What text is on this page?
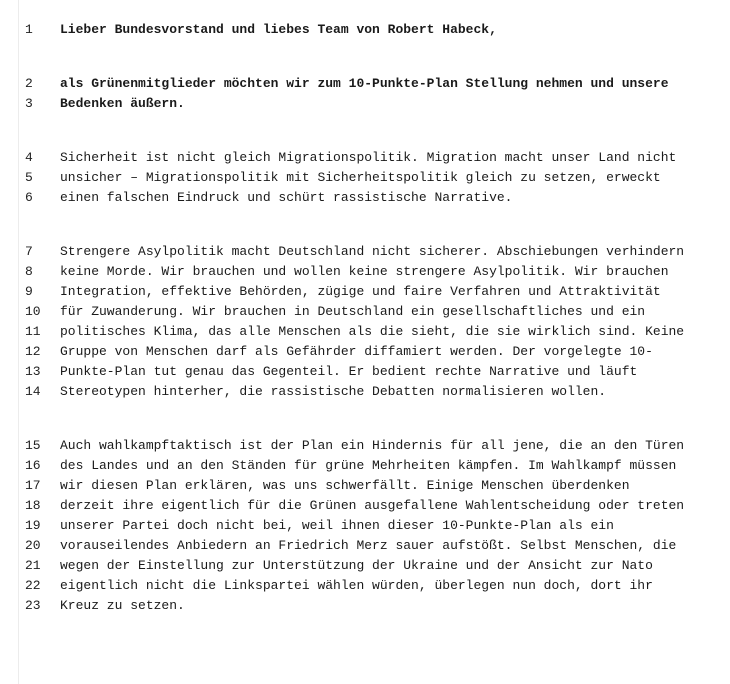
1 Lieber Bundesvorstand und liebes Team von Robert Habeck,
2 als Grünenmitglieder möchten wir zum 10-Punkte-Plan Stellung nehmen und unsere
3 Bedenken äußern.
4 Sicherheit ist nicht gleich Migrationspolitik. Migration macht unser Land nicht
5 unsicher – Migrationspolitik mit Sicherheitspolitik gleich zu setzen, erweckt
6 einen falschen Eindruck und schürt rassistische Narrative.
7 Strengere Asylpolitik macht Deutschland nicht sicherer. Abschiebungen verhindern
8 keine Morde. Wir brauchen und wollen keine strengere Asylpolitik. Wir brauchen
9 Integration, effektive Behörden, zügige und faire Verfahren und Attraktivität
10 für Zuwanderung. Wir brauchen in Deutschland ein gesellschaftliches und ein
11 politisches Klima, das alle Menschen als die sieht, die sie wirklich sind. Keine
12 Gruppe von Menschen darf als Gefährder diffamiert werden. Der vorgelegte 10-
13 Punkte-Plan tut genau das Gegenteil. Er bedient rechte Narrative und läuft
14 Stereotypen hinterher, die rassistische Debatten normalisieren wollen.
15 Auch wahlkampftaktisch ist der Plan ein Hindernis für all jene, die an den Türen
16 des Landes und an den Ständen für grüne Mehrheiten kämpfen. Im Wahlkampf müssen
17 wir diesen Plan erklären, was uns schwerfällt. Einige Menschen überdenken
18 derzeit ihre eigentlich für die Grünen ausgefallene Wahlentscheidung oder treten
19 unserer Partei doch nicht bei, weil ihnen dieser 10-Punkte-Plan als ein
20 vorauseilendes Anbiedern an Friedrich Merz sauer aufstößt. Selbst Menschen, die
21 wegen der Einstellung zur Unterstützung der Ukraine und der Ansicht zur Nato
22 eigentlich nicht die Linkspartei wählen würden, überlegen nun doch, dort ihr
23 Kreuz zu setzen.
